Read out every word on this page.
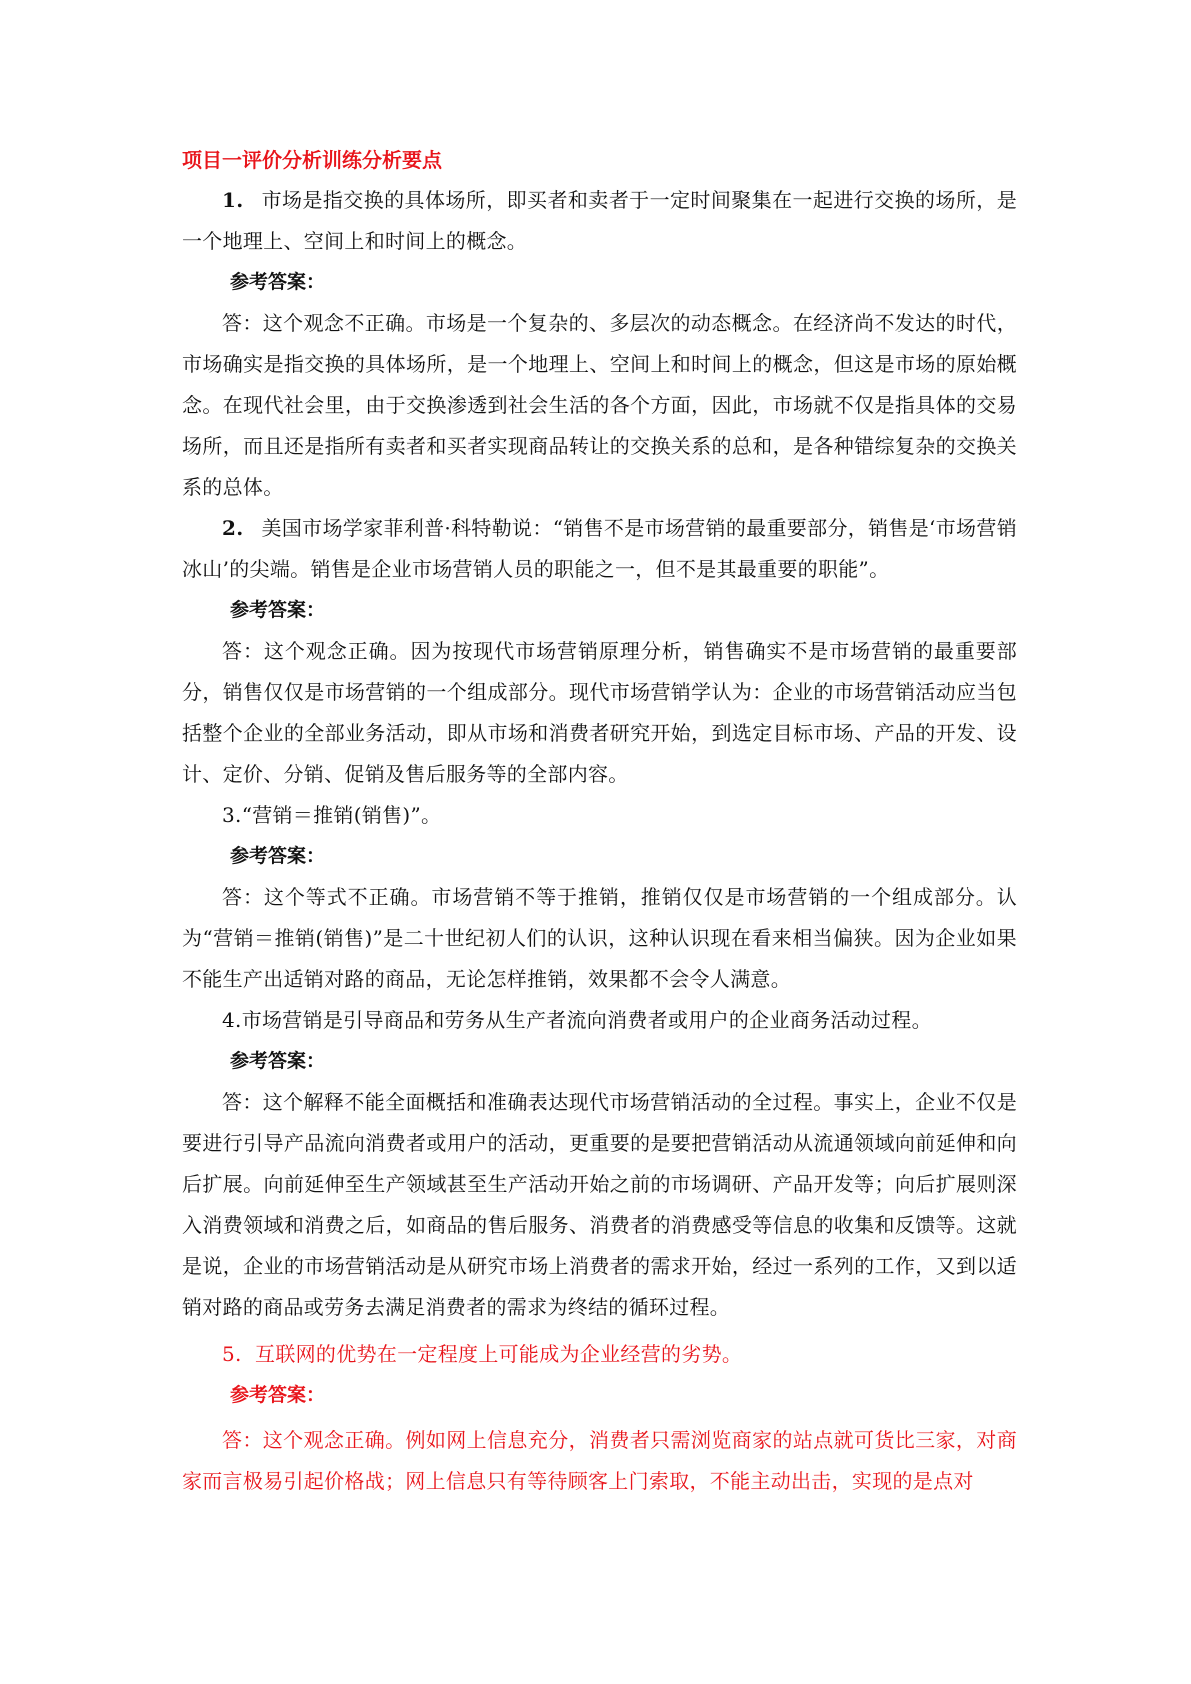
项目一评价分析训练分析要点

1. 市场是指交换的具体场所，即买者和卖者于一定时间聚集在一起进行交换的场所，是一个地理上、空间上和时间上的概念。

参考答案：

答：这个观念不正确。市场是一个复杂的、多层次的动态概念。在经济尚不发达的时代，市场确实是指交换的具体场所，是一个地理上、空间上和时间上的概念，但这是市场的原始概念。在现代社会里，由于交换渗透到社会生活的各个方面，因此，市场就不仅是指具体的交易场所，而且还是指所有卖者和买者实现商品转让的交换关系的总和，是各种错综复杂的交换关系的总体。

2. 美国市场学家菲利普·科特勒说：“销售不是市场营销的最重要部分，销售是‘市场营销冰山’的尖端。销售是企业市场营销人员的职能之一，但不是其最重要的职能”。

参考答案：

答：这个观念正确。因为按现代市场营销原理分析，销售确实不是市场营销的最重要部分，销售仅仅是市场营销的一个组成部分。现代市场营销学认为：企业的市场营销活动应当包括整个企业的全部业务活动，即从市场和消费者研究开始，到选定目标市场、产品的开发、设计、定价、分销、促销及售后服务等的全部内容。

3.“营销＝推销(销售)”。

参考答案：

答：这个等式不正确。市场营销不等于推销，推销仅仅是市场营销的一个组成部分。认为“营销＝推销(销售)”是二十世纪初人们的认识，这种认识现在看来相当偏狭。因为企业如果不能生产出适销对路的商品，无论怎样推销，效果都不会令人满意。

4.市场营销是引导商品和劳务从生产者流向消费者或用户的企业商务活动过程。

参考答案：

答：这个解释不能全面概括和准确表达现代市场营销活动的全过程。事实上，企业不仅是要进行引导产品流向消费者或用户的活动，更重要的是要把营销活动从流通领域向前延伸和向后扩展。向前延伸至生产领域甚至生产活动开始之前的市场调研、产品开发等；向后扩展则深入消费领域和消费之后，如商品的售后服务、消费者的消费感受等信息的收集和反馈等。这就是说，企业的市场营销活动是从研究市场上消费者的需求开始，经过一系列的工作，又到以适销对路的商品或劳务去满足消费者的需求为终结的循环过程。

5. 互联网的优势在一定程度上可能成为企业经营的劣势。

参考答案：

答：这个观念正确。例如网上信息充分，消费者只需浏览商家的站点就可货比三家，对商家而言极易引起价格战；网上信息只有等待顾客上门索取，不能主动出击，实现的是点对
